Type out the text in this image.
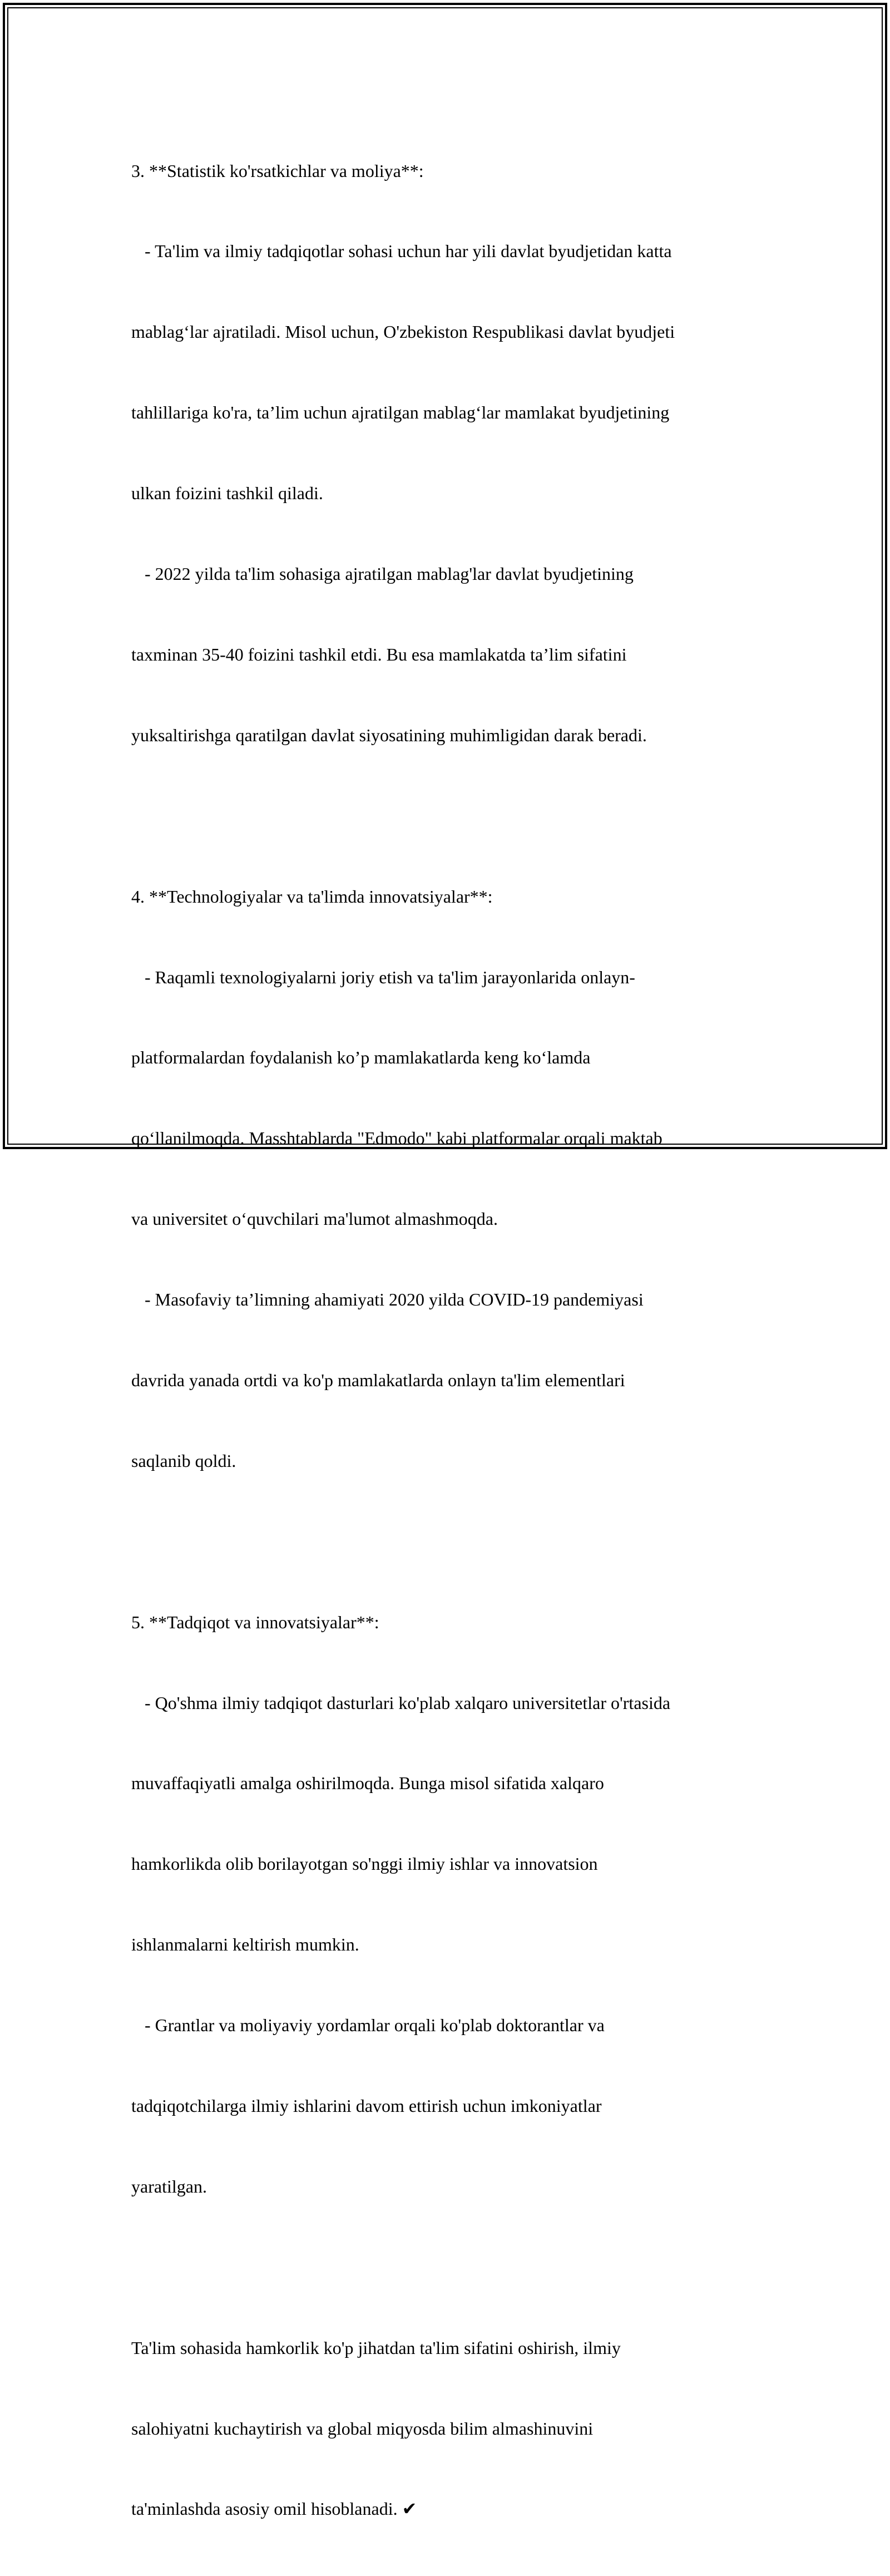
3. **Statistik ko'rsatkichlar va moliya**:

- Ta'lim va ilmiy tadqiqotlar sohasi uchun har yili davlat byudjetidan katta

mablag‘lar ajratiladi. Misol uchun, O'zbekiston Respublikasi davlat byudjeti

tahlillariga ko'ra, ta’lim uchun ajratilgan mablag‘lar mamlakat byudjetining

ulkan foizini tashkil qiladi.

- 2022 yilda ta'lim sohasiga ajratilgan mablag'lar davlat byudjetining

taxminan 35-40 foizini tashkil etdi. Bu esa mamlakatda ta’lim sifatini

yuksaltirishga qaratilgan davlat siyosatining muhimligidan darak beradi.

4. **Technologiyalar va ta'limda innovatsiyalar**:

- Raqamli texnologiyalarni joriy etish va ta'lim jarayonlarida onlayn-

platformalardan foydalanish ko’p mamlakatlarda keng ko‘lamda

qo‘llanilmoqda. Masshtablarda "Edmodo" kabi platformalar orqali maktab

va universitet o‘quvchilari ma'lumot almashmoqda.

- Masofaviy ta’limning ahamiyati 2020 yilda COVID-19 pandemiyasi

davrida yanada ortdi va ko'p mamlakatlarda onlayn ta'lim elementlari

saqlanib qoldi.

5. **Tadqiqot va innovatsiyalar**:

- Qo'shma ilmiy tadqiqot dasturlari ko'plab xalqaro universitetlar o'rtasida

muvaffaqiyatli amalga oshirilmoqda. Bunga misol sifatida xalqaro

hamkorlikda olib borilayotgan so'nggi ilmiy ishlar va innovatsion

ishlanmalarni keltirish mumkin.

- Grantlar va moliyaviy yordamlar orqali ko'plab doktorantlar va

tadqiqotchilarga ilmiy ishlarini davom ettirish uchun imkoniyatlar

yaratilgan.

Ta'lim sohasida hamkorlik ko'p jihatdan ta'lim sifatini oshirish, ilmiy

salohiyatni kuchaytirish va global miqyosda bilim almashinuvini

ta'minlashda asosiy omil hisoblanadi. ✔
